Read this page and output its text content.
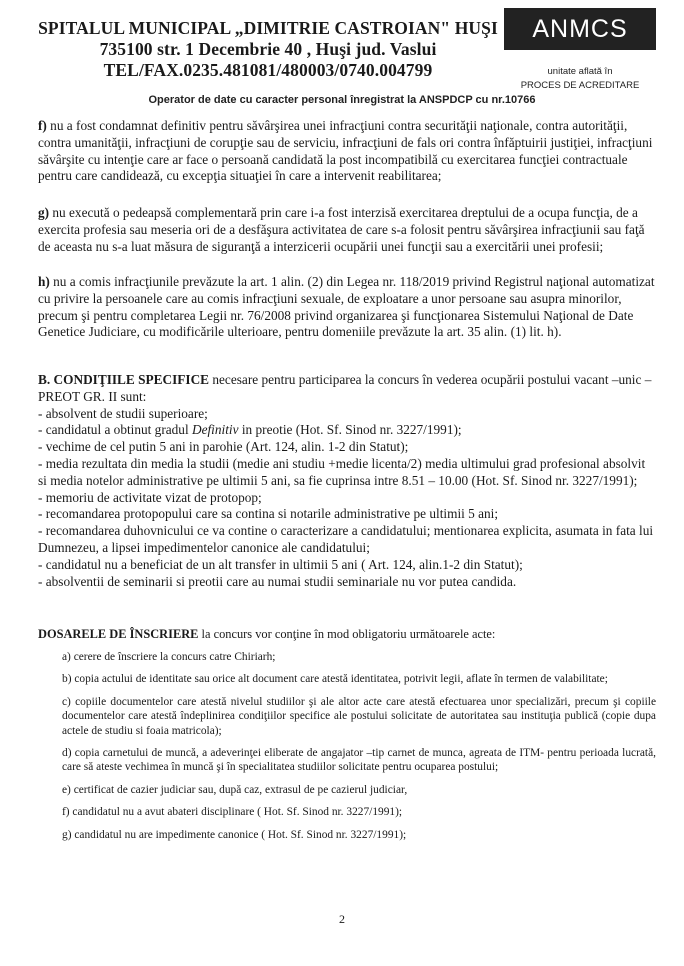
SPITALUL MUNICIPAL „DIMITRIE CASTROIAN" HUŞI
735100 str. 1 Decembrie 40 , Huşi jud. Vaslui
TEL/FAX.0235.481081/480003/0740.004799
ANMCS
unitate aflată în
PROCES DE ACREDITARE
Operator de date cu caracter personal înregistrat la ANSPDCP cu nr.10766

f) nu a fost condamnat definitiv pentru săvârşirea unei infracţiuni contra securităţii naţionale, contra autorităţii, contra umanităţii, infracţiuni de corupţie sau de serviciu, infracţiuni de fals ori contra înfăptuirii justiţiei, infracţiuni săvârşite cu intenţie care ar face o persoană candidată la post incompatibilă cu exercitarea funcţiei contractuale pentru care candidează, cu excepţia situaţiei în care a intervenit reabilitarea;

g) nu execută o pedeapsă complementară prin care i-a fost interzisă exercitarea dreptului de a ocupa funcţia, de a exercita profesia sau meseria ori de a desfăşura activitatea de care s-a folosit pentru săvârşirea infracţiunii sau faţă de aceasta nu s-a luat măsura de siguranţă a interzicerii ocupării unei funcţii sau a exercitării unei profesii;

h) nu a comis infracţiunile prevăzute la art. 1 alin. (2) din Legea nr. 118/2019 privind Registrul naţional automatizat cu privire la persoanele care au comis infracţiuni sexuale, de exploatare a unor persoane sau asupra minorilor, precum şi pentru completarea Legii nr. 76/2008 privind organizarea şi funcţionarea Sistemului Naţional de Date Genetice Judiciare, cu modificările ulterioare, pentru domeniile prevăzute la art. 35 alin. (1) lit. h).

B. CONDIŢIILE SPECIFICE necesare pentru participarea la concurs în vederea ocupării postului vacant –unic – PREOT GR. II sunt:

- absolvent de studii superioare;

- candidatul a obtinut gradul Definitiv in preotie (Hot. Sf. Sinod nr. 3227/1991);

- vechime de cel putin 5 ani in parohie (Art. 124, alin. 1-2 din Statut);

- media rezultata din media la studii (medie ani studiu +medie licenta/2) media ultimului grad profesional absolvit si media notelor administrative pe ultimii 5 ani, sa fie cuprinsa intre 8.51 – 10.00 (Hot. Sf. Sinod nr. 3227/1991);

- memoriu de activitate vizat de protopop;

- recomandarea protopopului care sa contina si notarile administrative pe ultimii 5 ani;

- recomandarea duhovnicului ce va contine o caracterizare a candidatului; mentionarea explicita, asumata in fata lui Dumnezeu, a lipsei impedimentelor canonice ale candidatului;

- candidatul nu a beneficiat de un alt transfer in ultimii 5 ani ( Art. 124, alin.1-2 din Statut);

- absolventii de seminarii si preotii care au numai studii seminariale nu vor putea candida.

DOSARELE DE ÎNSCRIERE la concurs vor conţine în mod obligatoriu următoarele acte:

a) cerere de înscriere la concurs catre Chiriarh;

b) copia actului de identitate sau orice alt document care atestă identitatea, potrivit legii, aflate în termen de valabilitate;

c) copiile documentelor care atestă nivelul studiilor şi ale altor acte care atestă efectuarea unor specializări, precum şi copiile documentelor care atestă îndeplinirea condiţiilor specifice ale postului solicitate de autoritatea sau instituţia publică (copie dupa actele de studiu si foaia matricola);

d) copia carnetului de muncă, a adeverinţei eliberate de angajator –tip carnet de munca, agreata de ITM- pentru perioada lucrată, care să ateste vechimea în muncă şi în specialitatea studiilor solicitate pentru ocuparea postului;

e) certificat de cazier judiciar sau, după caz, extrasul de pe cazierul judiciar,

f) candidatul nu a avut abateri disciplinare ( Hot. Sf. Sinod nr. 3227/1991);

g) candidatul nu are impedimente canonice ( Hot. Sf. Sinod nr. 3227/1991);

2
